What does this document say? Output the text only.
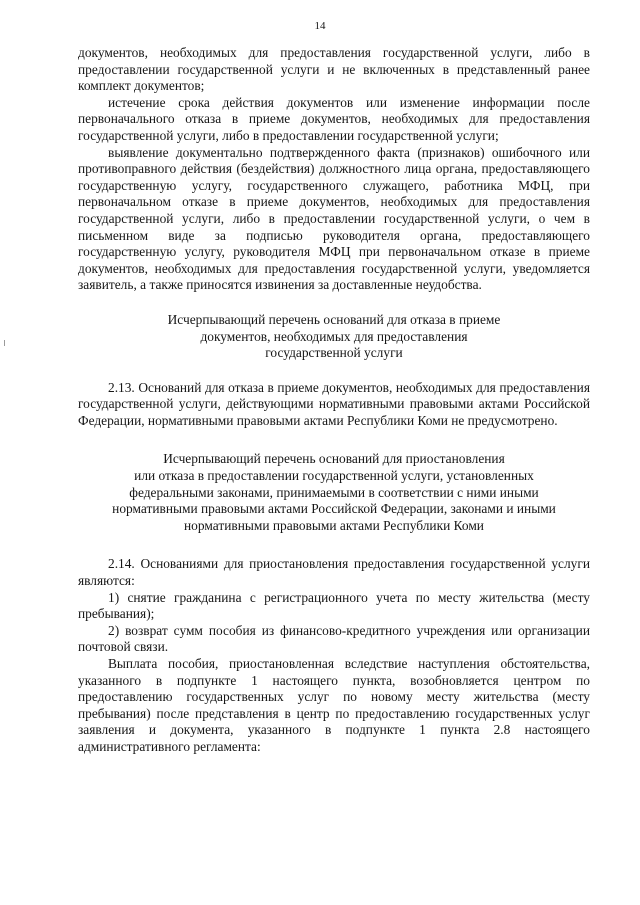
14

документов, необходимых для предоставления государственной услуги, либо в предоставлении государственной услуги и не включенных в представленный ранее комплект документов;

истечение срока действия документов или изменение информации после первоначального отказа в приеме документов, необходимых для предоставления государственной услуги, либо в предоставлении государственной услуги;

выявление документально подтвержденного факта (признаков) ошибочного или противоправного действия (бездействия) должностного лица органа, предоставляющего государственную услугу, государственного служащего, работника МФЦ, при первоначальном отказе в приеме документов, необходимых для предоставления государственной услуги, либо в предоставлении государственной услуги, о чем в письменном виде за подписью руководителя органа, предоставляющего государственную услугу, руководителя МФЦ при первоначальном отказе в приеме документов, необходимых для предоставления государственной услуги, уведомляется заявитель, а также приносятся извинения за доставленные неудобства.

Исчерпывающий перечень оснований для отказа в приеме
документов, необходимых для предоставления
государственной услуги

2.13. Оснований для отказа в приеме документов, необходимых для предоставления государственной услуги, действующими нормативными правовыми актами Российской Федерации, нормативными правовыми актами Республики Коми не предусмотрено.

Исчерпывающий перечень оснований для приостановления
или отказа в предоставлении государственной услуги, установленных
федеральными законами, принимаемыми в соответствии с ними иными
нормативными правовыми актами Российской Федерации, законами и иными
нормативными правовыми актами Республики Коми

2.14. Основаниями для приостановления предоставления государственной услуги являются:

1) снятие гражданина с регистрационного учета по месту жительства (месту пребывания);

2) возврат сумм пособия из финансово-кредитного учреждения или организации почтовой связи.

Выплата пособия, приостановленная вследствие наступления обстоятельства, указанного в подпункте 1 настоящего пункта, возобновляется центром по предоставлению государственных услуг по новому месту жительства (месту пребывания) после представления в центр по предоставлению государственных услуг заявления и документа, указанного в подпункте 1 пункта 2.8 настоящего административного регламента:
